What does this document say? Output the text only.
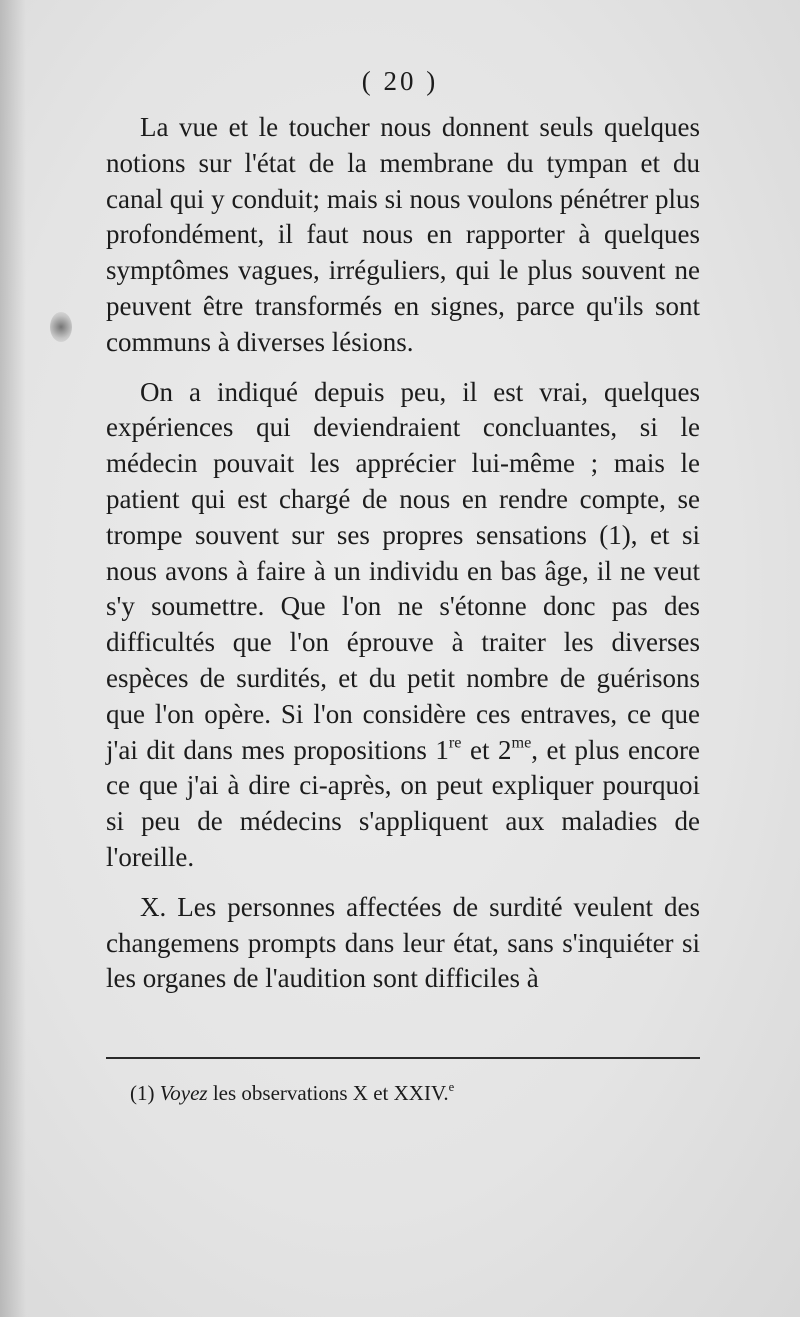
( 20 )

La vue et le toucher nous donnent seuls quelques notions sur l'état de la membrane du tympan et du canal qui y conduit; mais si nous voulons pénétrer plus profondément, il faut nous en rapporter à quelques symptômes vagues, irréguliers, qui le plus souvent ne peuvent être transformés en signes, parce qu'ils sont communs à diverses lésions.

On a indiqué depuis peu, il est vrai, quelques expériences qui deviendraient concluantes, si le médecin pouvait les apprécier lui-même ; mais le patient qui est chargé de nous en rendre compte, se trompe souvent sur ses propres sensations (1), et si nous avons à faire à un individu en bas âge, il ne veut s'y soumettre. Que l'on ne s'étonne donc pas des difficultés que l'on éprouve à traiter les diverses espèces de surdités, et du petit nombre de guérisons que l'on opère. Si l'on considère ces entraves, ce que j'ai dit dans mes propositions 1re et $2^{me}$, et plus encore ce que j'ai à dire ci-après, on peut expliquer pourquoi si peu de médecins s'appliquent aux maladies de l'oreille.

X. Les personnes affectées de surdité veulent des changemens prompts dans leur état, sans s'inquiéter si les organes de l'audition sont difficiles à

(1) Voyez les observations X et XXIV.$^e$
